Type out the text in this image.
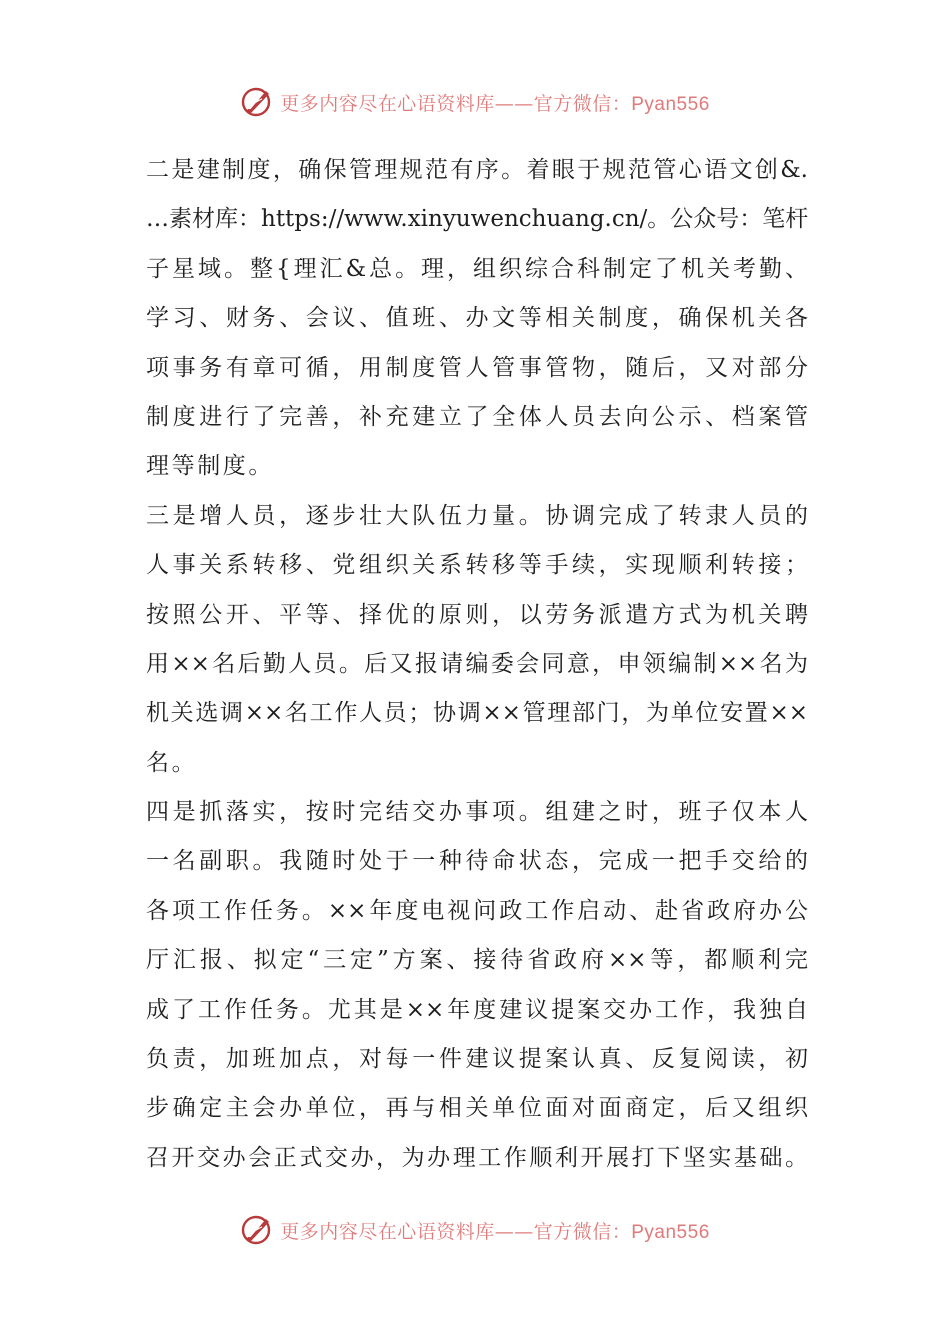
更多内容尽在心语资料库——官方微信：Pyan556
二是建制度，确保管理规范有序。着眼于规范管心语文创&.
…素材库：https://www.xinyuwenchuang.cn/。公众号：笔杆
子星域。整{理汇&总。理，组织综合科制定了机关考勤、
学习、财务、会议、值班、办文等相关制度，确保机关各
项事务有章可循，用制度管人管事管物，随后，又对部分
制度进行了完善，补充建立了全体人员去向公示、档案管
理等制度。
三是增人员，逐步壮大队伍力量。协调完成了转隶人员的
人事关系转移、党组织关系转移等手续，实现顺利转接；
按照公开、平等、择优的原则，以劳务派遣方式为机关聘
用××名后勤人员。后又报请编委会同意，申领编制××名为
机关选调××名工作人员；协调××管理部门，为单位安置××
名。
四是抓落实，按时完结交办事项。组建之时，班子仅本人
一名副职。我随时处于一种待命状态，完成一把手交给的
各项工作任务。××年度电视问政工作启动、赴省政府办公
厅汇报、拟定“三定”方案、接待省政府××等，都顺利完
成了工作任务。尤其是××年度建议提案交办工作，我独自
负责，加班加点，对每一件建议提案认真、反复阅读，初
步确定主会办单位，再与相关单位面对面商定，后又组织
召开交办会正式交办，为办理工作顺利开展打下坚实基础。
更多内容尽在心语资料库——官方微信：Pyan556
